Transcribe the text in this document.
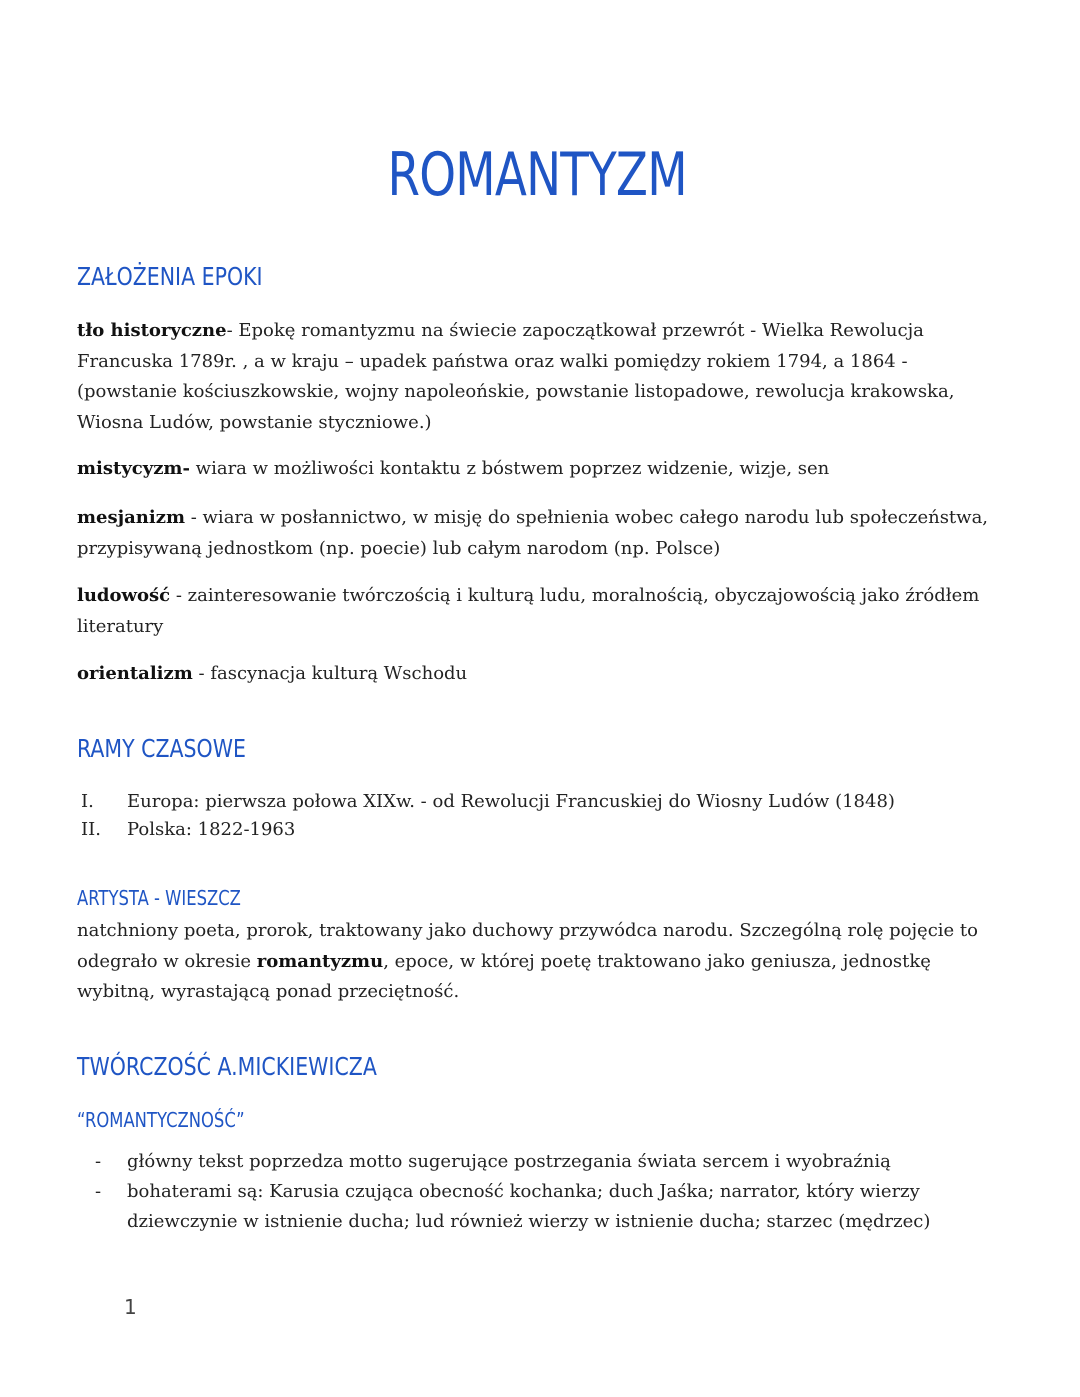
ROMANTYZM
ZAŁOŻENIA EPOKI

tło historyczne- Epokę romantyzmu na świecie zapoczątkował przewrót - Wielka Rewolucja Francuska 1789r. , a w kraju – upadek państwa oraz walki pomiędzy rokiem 1794, a 1864 - (powstanie kościuszkowskie, wojny napoleońskie, powstanie listopadowe, rewolucja krakowska, Wiosna Ludów, powstanie styczniowe.)

mistycyzm- wiara w możliwości kontaktu z bóstwem poprzez widzenie, wizje, sen

mesjanizm - wiara w posłannictwo, w misję do spełnienia wobec całego narodu lub społeczeństwa, przypisywaną jednostkom (np. poecie) lub całym narodom (np. Polsce)

ludowość - zainteresowanie twórczością i kulturą ludu, moralnością, obyczajowością jako źródłem literatury

orientalizm - fascynacja kulturą Wschodu

RAMY CZASOWE
I. Europa: pierwsza połowa XIXw. - od Rewolucji Francuskiej do Wiosny Ludów (1848)
II. Polska: 1822-1963
ARTYSTA - WIESZCZ

natchniony poeta, prorok, traktowany jako duchowy przywódca narodu. Szczególną rolę pojęcie to odegrało w okresie romantyzmu, epoce, w której poetę traktowano jako geniusza, jednostkę wybitną, wyrastającą ponad przeciętność.

TWÓRCZOŚĆ A.MICKIEWICZA
“ROMANTYCZNOŚĆ”
- główny tekst poprzedza motto sugerujące postrzegania świata sercem i wyobraźnią
- bohaterami są: Karusia czująca obecność kochanka; duch Jaśka; narrator, który wierzy dziewczynie w istnienie ducha; lud również wierzy w istnienie ducha; starzec (mędrzec)
1
